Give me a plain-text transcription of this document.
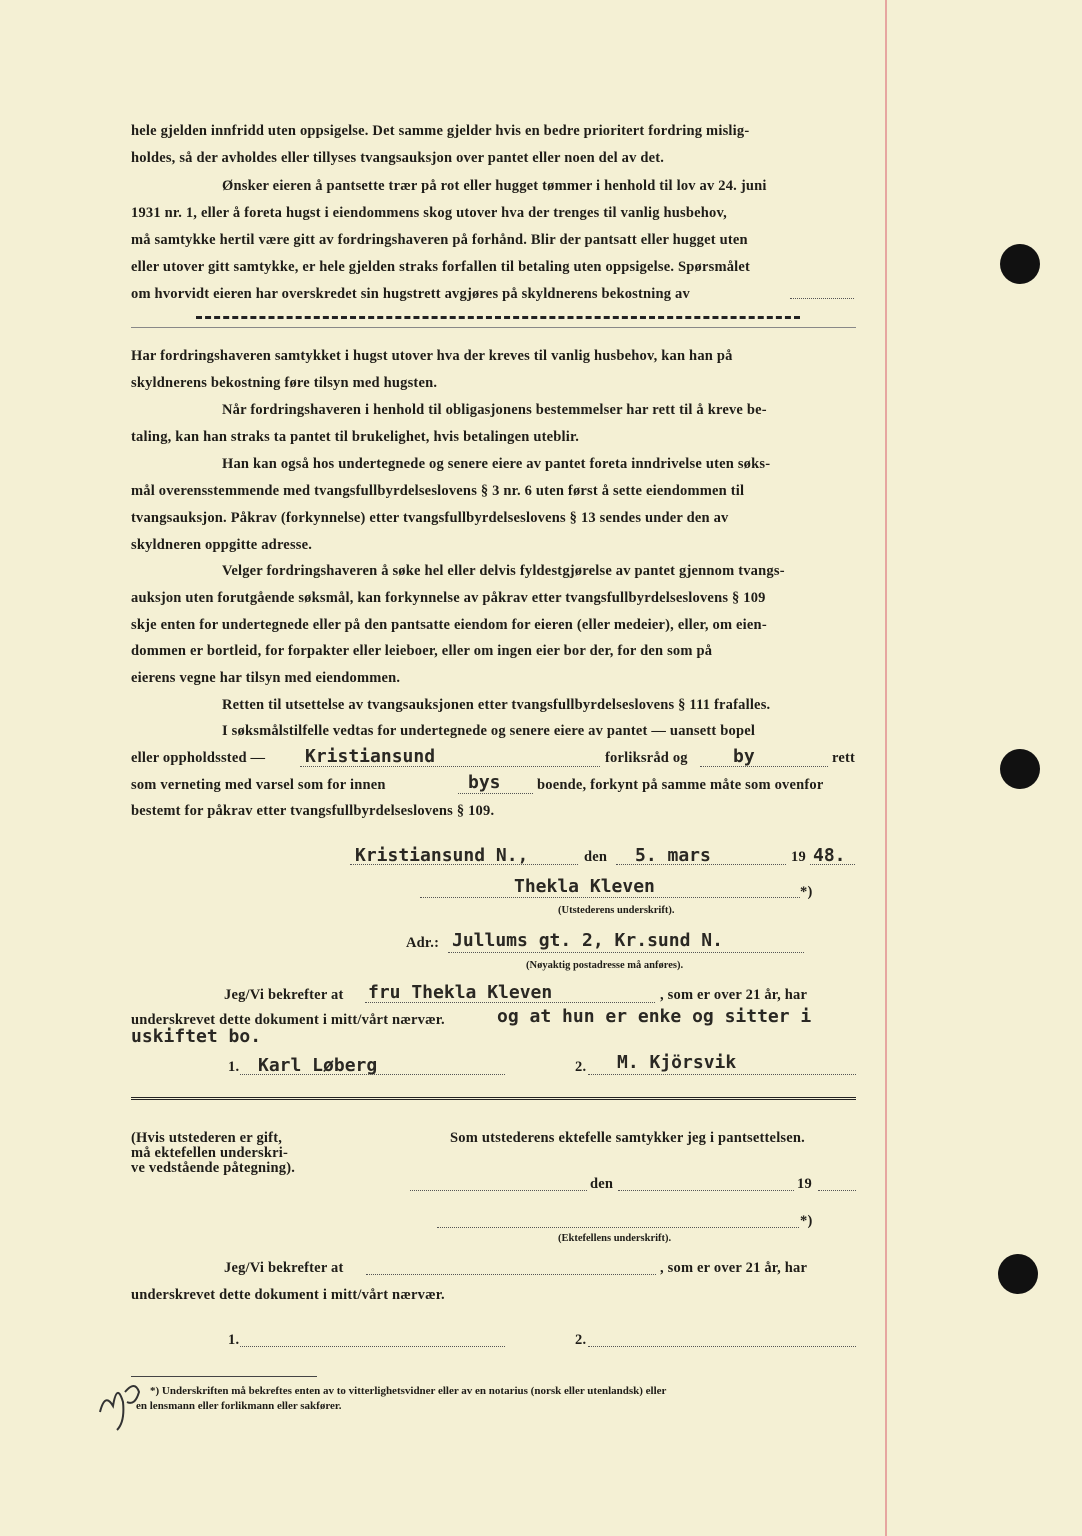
hele gjelden innfridd uten oppsigelse. Det samme gjelder hvis en bedre prioritert fordring mislig-
holdes, så der avholdes eller tillyses tvangsauksjon over pantet eller noen del av det.
Ønsker eieren å pantsette trær på rot eller hugget tømmer i henhold til lov av 24. juni
1931 nr. 1, eller å foreta hugst i eiendommens skog utover hva der trenges til vanlig husbehov,
må samtykke hertil være gitt av fordringshaveren på forhånd. Blir der pantsatt eller hugget uten
eller utover gitt samtykke, er hele gjelden straks forfallen til betaling uten oppsigelse. Spørsmålet
om hvorvidt eieren har overskredet sin hugstrett avgjøres på skyldnerens bekostning av
Har fordringshaveren samtykket i hugst utover hva der kreves til vanlig husbehov, kan han på
skyldnerens bekostning føre tilsyn med hugsten.
Når fordringshaveren i henhold til obligasjonens bestemmelser har rett til å kreve be-
taling, kan han straks ta pantet til brukelighet, hvis betalingen uteblir.
Han kan også hos undertegnede og senere eiere av pantet foreta inndrivelse uten søks-
mål overensstemmende med tvangsfullbyrdelseslovens § 3 nr. 6 uten først å sette eiendommen til
tvangsauksjon. Påkrav (forkynnelse) etter tvangsfullbyrdelseslovens § 13 sendes under den av
skyldneren oppgitte adresse.
Velger fordringshaveren å søke hel eller delvis fyldestgjørelse av pantet gjennom tvangs-
auksjon uten forutgående søksmål, kan forkynnelse av påkrav etter tvangsfullbyrdelseslovens § 109
skje enten for undertegnede eller på den pantsatte eiendom for eieren (eller medeier), eller, om eien-
dommen er bortleid, for forpakter eller leieboer, eller om ingen eier bor der, for den som på
eierens vegne har tilsyn med eiendommen.
Retten til utsettelse av tvangsauksjonen etter tvangsfullbyrdelseslovens § 111 frafalles.
I søksmålstilfelle vedtas for undertegnede og senere eiere av pantet — uansett bopel
eller oppholdssted — Kristiansund	forliksråd og	by	rett
som verneting med varsel som for innen	bys	boende, forkynt på samme måte som ovenfor
bestemt for påkrav etter tvangsfullbyrdelseslovens § 109.
Kristiansund N.,	den 5. mars	19 48.
Thekla Kleven	*)
(Utstederens underskrift).
Adr.: Jullums gt. 2, Kr.sund N.
(Nøyaktig postadresse må anføres).
Jeg/Vi bekrefter at fru Thekla Kleven	, som er over 21 år, har
underskrevet dette dokument i mitt/vårt nærvær.	og at hun er enke og sitter i
uskiftet bo.
1. Karl Løberg	2. M. Kjörsvik
(Hvis utstederen er gift,
må ektefellen underskri-
ve vedstående påtegning).
Som utstederens ektefelle samtykker jeg i pantsettelsen.
den	19
*)
(Ektefellens underskrift).
Jeg/Vi bekrefter at	, som er over 21 år, har
underskrevet dette dokument i mitt/vårt nærvær.
1.	2.
*) Underskriften må bekreftes enten av to vitterlighetsvidner eller av en notarius (norsk eller utenlandsk) eller
en lensmann eller forlikmann eller sakfører.
